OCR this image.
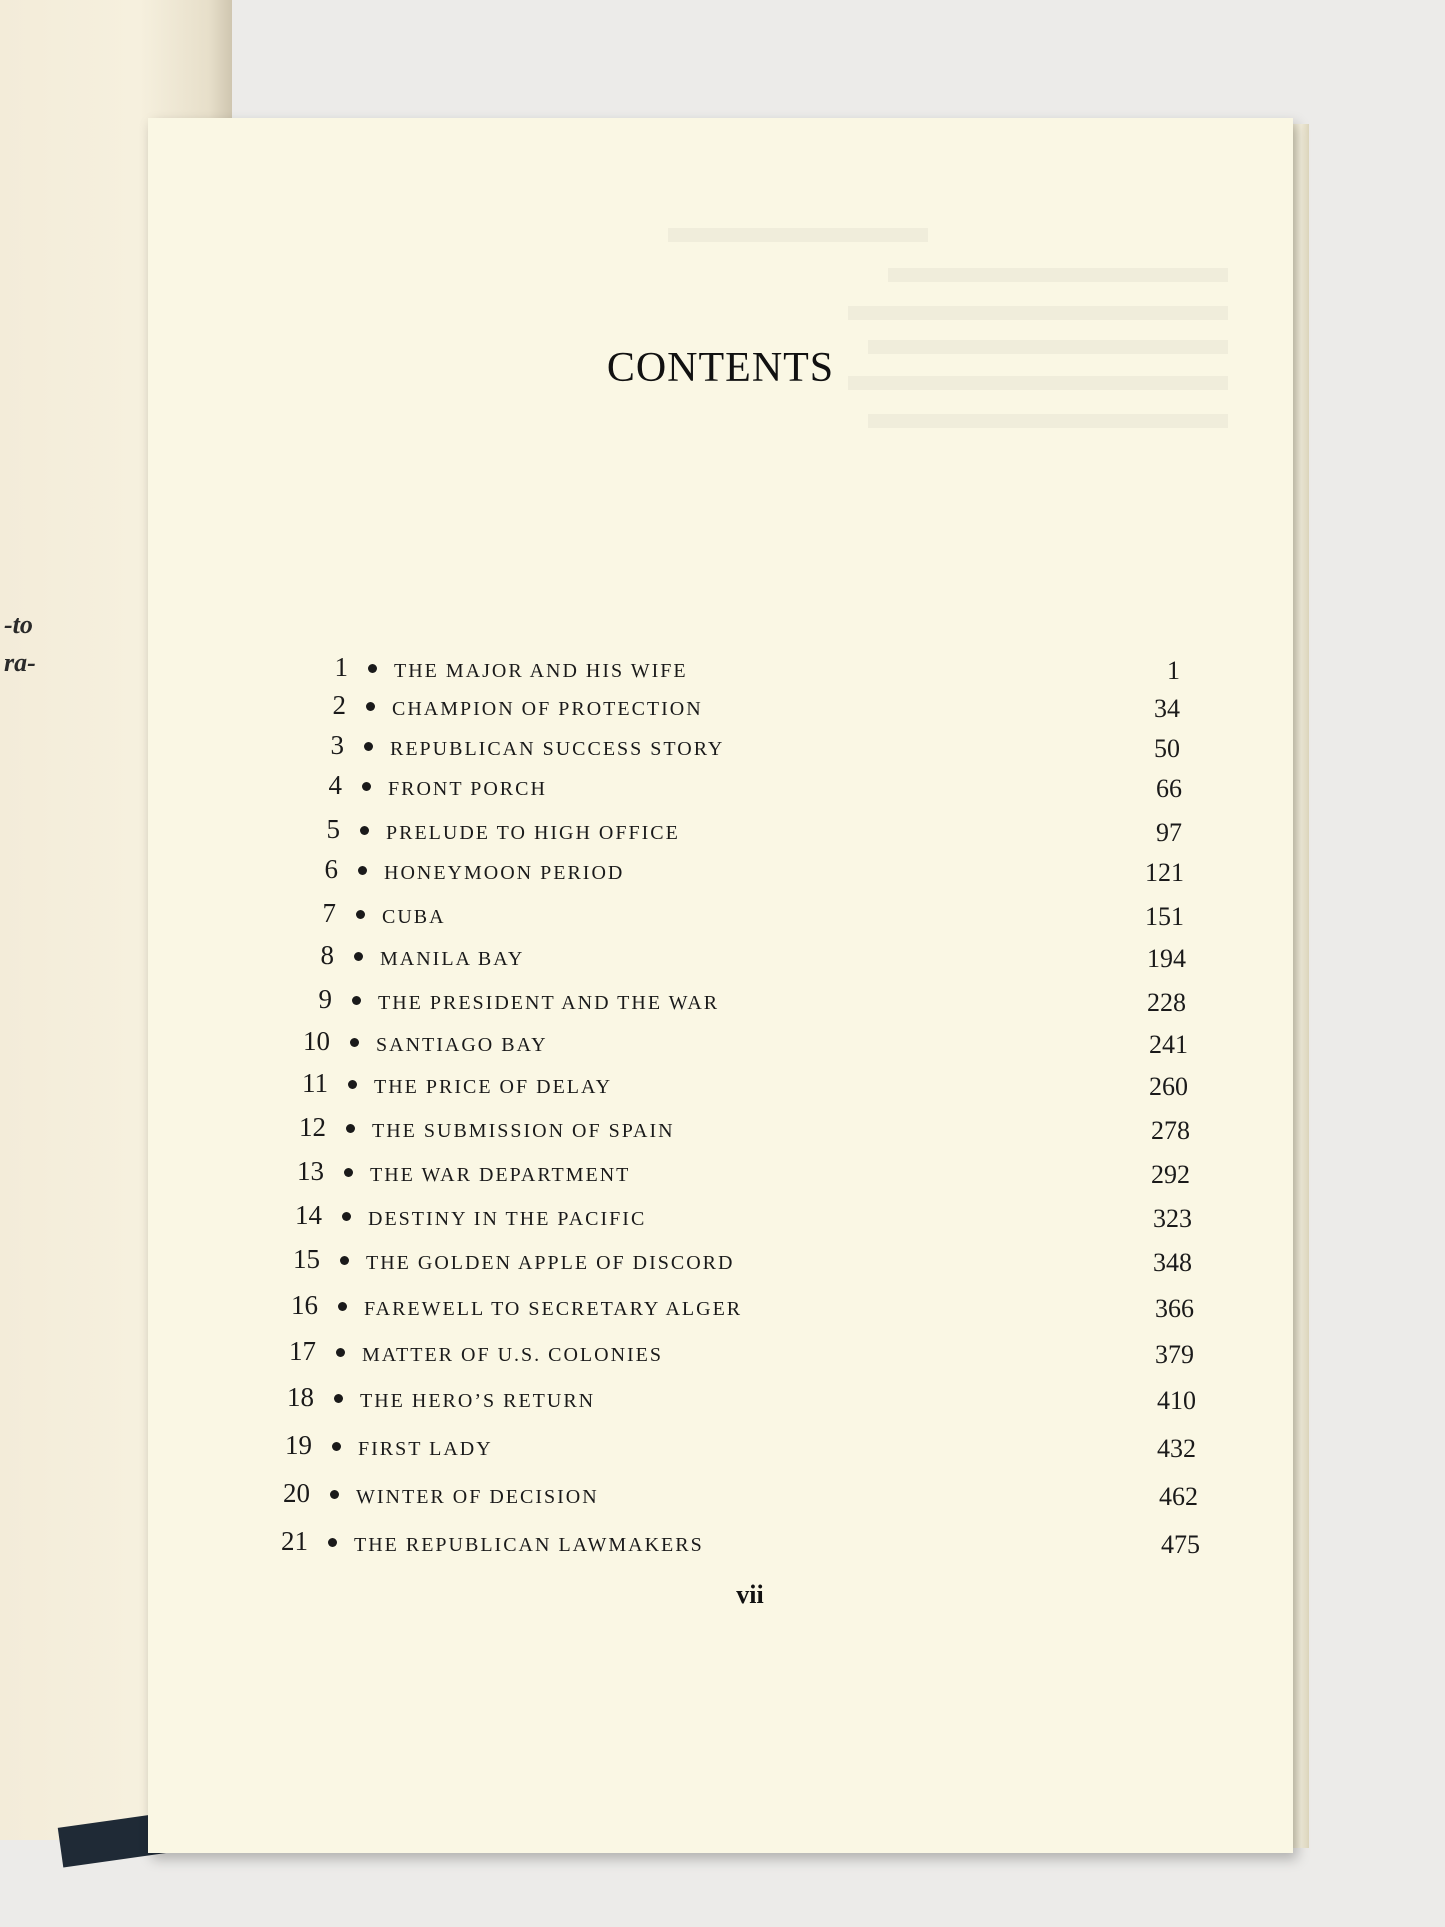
-to
ra-
CONTENTS
1 THE MAJOR AND HIS WIFE	1
2 CHAMPION OF PROTECTION	34
3 REPUBLICAN SUCCESS STORY	50
4 FRONT PORCH	66
5 PRELUDE TO HIGH OFFICE	97
6 HONEYMOON PERIOD	121
7 CUBA	151
8 MANILA BAY	194
9 THE PRESIDENT AND THE WAR	228
10 SANTIAGO BAY	241
11 THE PRICE OF DELAY	260
12 THE SUBMISSION OF SPAIN	278
13 THE WAR DEPARTMENT	292
14 DESTINY IN THE PACIFIC	323
15 THE GOLDEN APPLE OF DISCORD	348
16 FAREWELL TO SECRETARY ALGER	366
17 MATTER OF U.S. COLONIES	379
18 THE HERO’S RETURN	410
19 FIRST LADY	432
20 WINTER OF DECISION	462
21 THE REPUBLICAN LAWMAKERS	475
vii
